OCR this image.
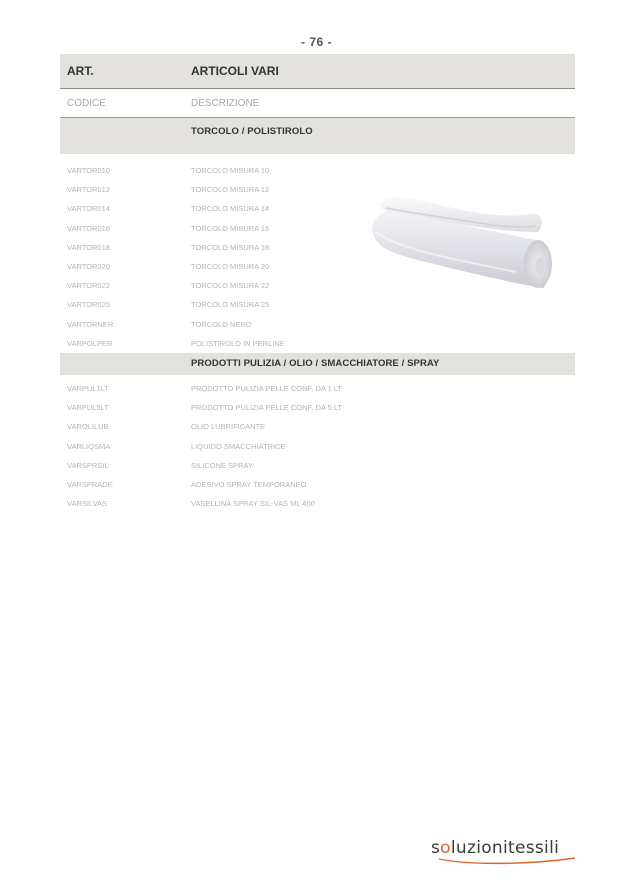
- 76 -
ART.	ARTICOLI VARI
CODICE	DESCRIZIONE
TORCOLO / POLISTIROLO
VARTOR010	TORCOLO MISURA 10
VARTOR012	TORCOLO MISURA 12
VARTOR014	TORCOLO MISURA 14
VARTOR016	TORCOLO MISURA 16
VARTOR018	TORCOLO MISURA 18
VARTOR020	TORCOLO MISURA 20
VARTOR022	TORCOLO MISURA 22
VARTOR025	TORCOLO MISURA 25
VARTORNER	TORCOLO NERO
VARPOLPER	POLISTIROLO IN PERLINE
PRODOTTI PULIZIA / OLIO / SMACCHIATORE / SPRAY
VARPUL1LT	PRODOTTO PULIZIA PELLE CONF. DA 1 LT
VARPUL5LT	PRODOTTO PULIZIA PELLE CONF. DA 5 LT
VAROLILUB	OLIO LUBRIFICANTE
VARLIQSMA	LIQUIDO SMACCHIATRICE
VARSPRSIL	SILICONE SPRAY
VARSPRADE	ADESIVO SPRAY TEMPORANEO
VARSILVAS	VASELLINA SPRAY SIL-VAS ML 400
soluzionitessili
